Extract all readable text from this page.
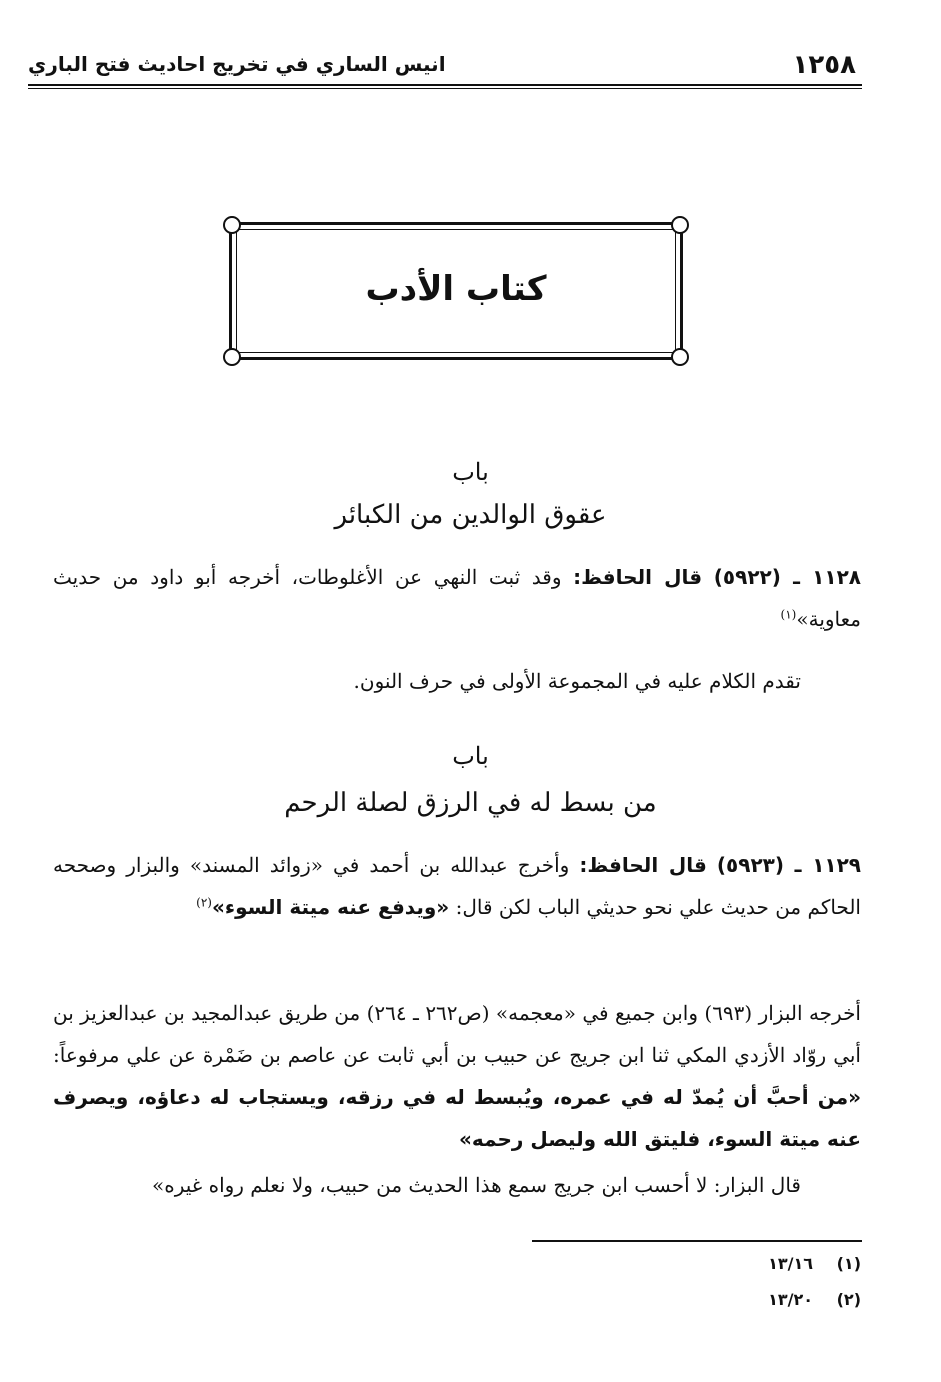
١٢٥٨
انيس الساري في تخريج احاديث فتح الباري
كتاب الأدب
باب
عقوق الوالدين من الكبائر
١١٢٨ ـ (٥٩٢٢) قال الحافظ: وقد ثبت النهي عن الأغلوطات، أخرجه أبو داود من حديث معاوية»$^{(١)}$
تقدم الكلام عليه في المجموعة الأولى في حرف النون.
باب
من بسط له في الرزق لصلة الرحم
١١٢٩ ـ (٥٩٢٣) قال الحافظ: وأخرج عبدالله بن أحمد في «زوائد المسند» والبزار وصححه الحاكم من حديث علي نحو حديثي الباب لكن قال: «ويدفع عنه ميتة السوء»$^{(٢)}$
أخرجه البزار (٦٩٣) وابن جميع في «معجمه» (ص٢٦٢ ـ ٢٦٤) من طريق عبدالمجيد بن عبدالعزيز بن أبي روّاد الأزدي المكي ثنا ابن جريج عن حبيب بن أبي ثابت عن عاصم بن ضَمْرة عن علي مرفوعاً: «من أحبَّ أن يُمدّ له في عمره، ويُبسط له في رزقه، ويستجاب له دعاؤه، ويصرف عنه ميتة السوء، فليتق الله وليصل رحمه»
قال البزار: لا أحسب ابن جريج سمع هذا الحديث من حبيب، ولا نعلم رواه غيره»
(١) ١٣/١٦
(٢) ١٣/٢٠
